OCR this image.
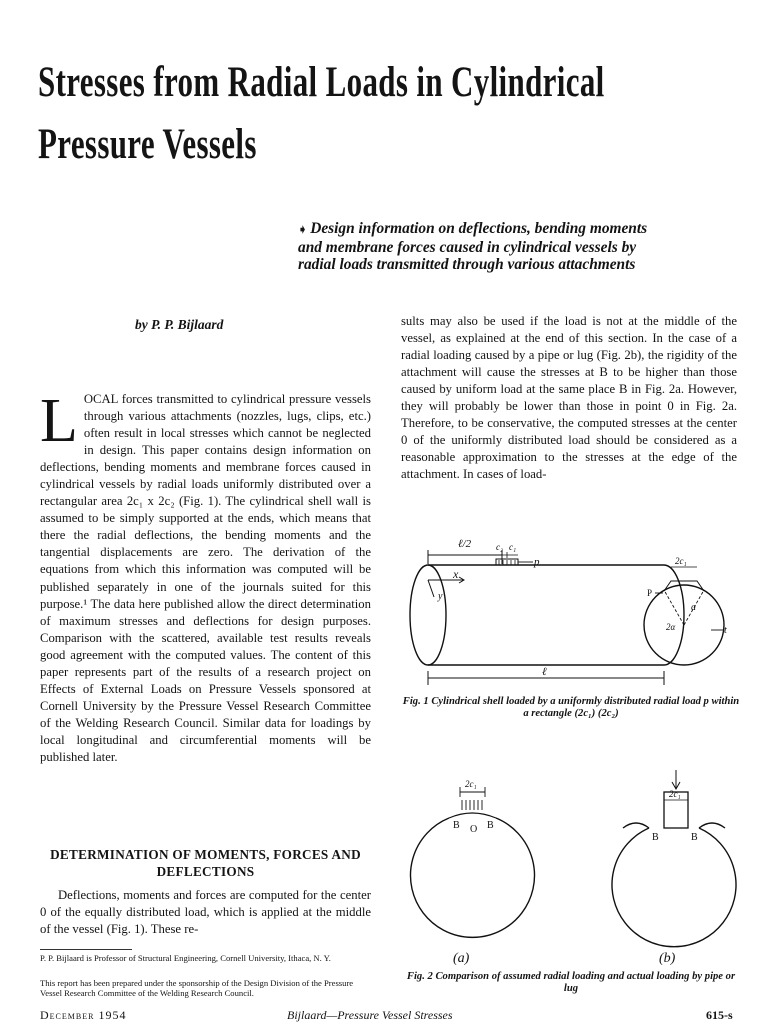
Stresses from Radial Loads in Cylindrical
Pressure Vessels

➧ Design information on deflections, bending moments
and membrane forces caused in cylindrical vessels by
radial loads transmitted through various attachments

by P. P. Bijlaard

LOCAL forces transmitted to cylindrical pressure vessels through various attachments (nozzles, lugs, clips, etc.) often result in local stresses which cannot be neglected in design. This paper contains design information on deflections, bending moments and membrane forces caused in cylindrical vessels by radial loads uniformly distributed over a rectangular area 2c₁ x 2c₂ (Fig. 1). The cylindrical shell wall is assumed to be simply supported at the ends, which means that there the radial deflections, the bending moments and the tangential displacements are zero. The derivation of the equations from which this information was computed will be published separately in one of the journals suited for this purpose.¹ The data here published allow the direct determination of maximum stresses and deflections for design purposes. Comparison with the scattered, available test results reveals good agreement with the computed values. The content of this paper represents part of the results of a research project on Effects of External Loads on Pressure Vessels sponsored at Cornell University by the Pressure Vessel Research Committee of the Welding Research Council. Similar data for loadings by local longitudinal and circumferential moments will be published later.

DETERMINATION OF MOMENTS, FORCES AND DEFLECTIONS

Deflections, moments and forces are computed for the center 0 of the equally distributed load, which is applied at the middle of the vessel (Fig. 1). These re-

P. P. Bijlaard is Professor of Structural Engineering, Cornell University, Ithaca, N. Y.

This report has been prepared under the sponsorship of the Design Division of the Pressure Vessel Research Committee of the Welding Research Council.

sults may also be used if the load is not at the middle of the vessel, as explained at the end of this section. In the case of a radial loading caused by a pipe or lug (Fig. 2b), the rigidity of the attachment will cause the stresses at B to be higher than those caused by uniform load at the same place B in Fig. 2a. However, they will probably be lower than those in point 0 in Fig. 2a. Therefore, to be conservative, the computed stresses at the center 0 of the uniformly distributed load should be considered as a reasonable approximation to the stresses at the edge of the attachment. In cases of load-

ℓ/2	c₂ c₁
p
x
y
ℓ
2c₁
P
a
2α	t

Fig. 1 Cylindrical shell loaded by a uniformly distributed radial load p within a rectangle (2c₁) (2c₂)

2c₁
B O B
2c₁
B	B
(a)	(b)

Fig. 2 Comparison of assumed radial loading and actual loading by pipe or lug

December 1954	Bijlaard—Pressure Vessel Stresses	615-s
